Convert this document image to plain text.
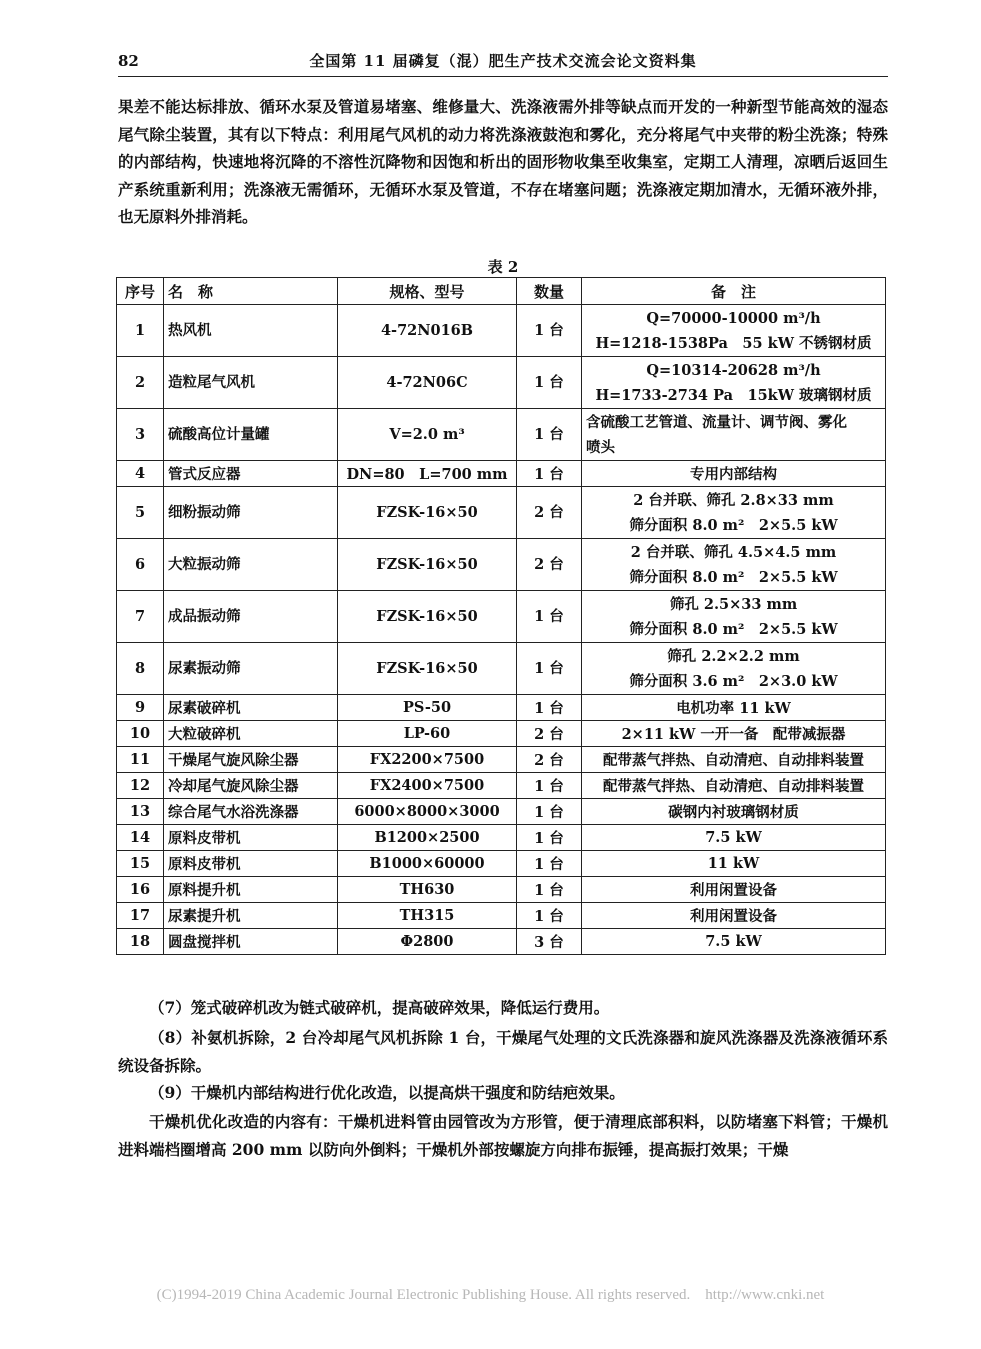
82	全国第 11 届磷复（混）肥生产技术交流会论文资料集
果差不能达标排放、循环水泵及管道易堵塞、维修量大、洗涤液需外排等缺点而开发的一种新型节能高效的湿态尾气除尘装置，其有以下特点：利用尾气风机的动力将洗涤液鼓泡和雾化，充分将尾气中夹带的粉尘洗涤；特殊的内部结构，快速地将沉降的不溶性沉降物和因饱和析出的固形物收集至收集室，定期工人清理，凉晒后返回生产系统重新利用；洗涤液无需循环，无循环水泵及管道，不存在堵塞问题；洗涤液定期加清水，无循环液外排，也无原料外排消耗。
表 2
序号	名　称	规格、型号	数量	备　注
1	热风机	4-72N016B	1 台	Q=70000-10000 m³/h
H=1218-1538Pa　55 kW 不锈钢材质

2	造粒尾气风机	4-72N06C	1 台	Q=10314-20628 m³/h
H=1733-2734 Pa　15kW 玻璃钢材质

3	硫酸高位计量罐	V=2.0 m³	1 台	含硫酸工艺管道、流量计、调节阀、雾化
喷头

4	管式反应器	DN=80　L=700 mm	1 台	专用内部结构
5	细粉振动筛	FZSK-16×50	2 台	2 台并联、筛孔 2.8×33 mm
筛分面积 8.0 m²　2×5.5 kW

6	大粒振动筛	FZSK-16×50	2 台	2 台并联、筛孔 4.5×4.5 mm
筛分面积 8.0 m²　2×5.5 kW

7	成品振动筛	FZSK-16×50	1 台	筛孔 2.5×33 mm
筛分面积 8.0 m²　2×5.5 kW

8	尿素振动筛	FZSK-16×50	1 台	筛孔 2.2×2.2 mm
筛分面积 3.6 m²　2×3.0 kW

9	尿素破碎机	PS-50	1 台	电机功率 11 kW
10	大粒破碎机	LP-60	2 台	2×11 kW 一开一备　配带减振器
11	干燥尾气旋风除尘器	FX2200×7500	2 台	配带蒸气拌热、自动清疤、自动排料装置
12	冷却尾气旋风除尘器	FX2400×7500	1 台	配带蒸气拌热、自动清疤、自动排料装置
13	综合尾气水浴洗涤器	6000×8000×3000	1 台	碳钢内衬玻璃钢材质
14	原料皮带机	B1200×2500	1 台	7.5 kW
15	原料皮带机	B1000×60000	1 台	11 kW
16	原料提升机	TH630	1 台	利用闲置设备
17	尿素提升机	TH315	1 台	利用闲置设备
18	圆盘搅拌机	Φ2800	3 台	7.5 kW
（7）笼式破碎机改为链式破碎机，提高破碎效果，降低运行费用。
（8）补氨机拆除，2 台冷却尾气风机拆除 1 台，干燥尾气处理的文氏洗涤器和旋风洗涤器及洗涤液循环系统设备拆除。
（9）干燥机内部结构进行优化改造，以提高烘干强度和防结疤效果。
干燥机优化改造的内容有：干燥机进料管由园管改为方形管，便于清理底部积料，以防堵塞下料管；干燥机进料端档圈增高 200 mm 以防向外倒料；干燥机外部按螺旋方向排布振锤，提高振打效果；干燥
(C)1994-2019 China Academic Journal Electronic Publishing House. All rights reserved.　http://www.cnki.net
